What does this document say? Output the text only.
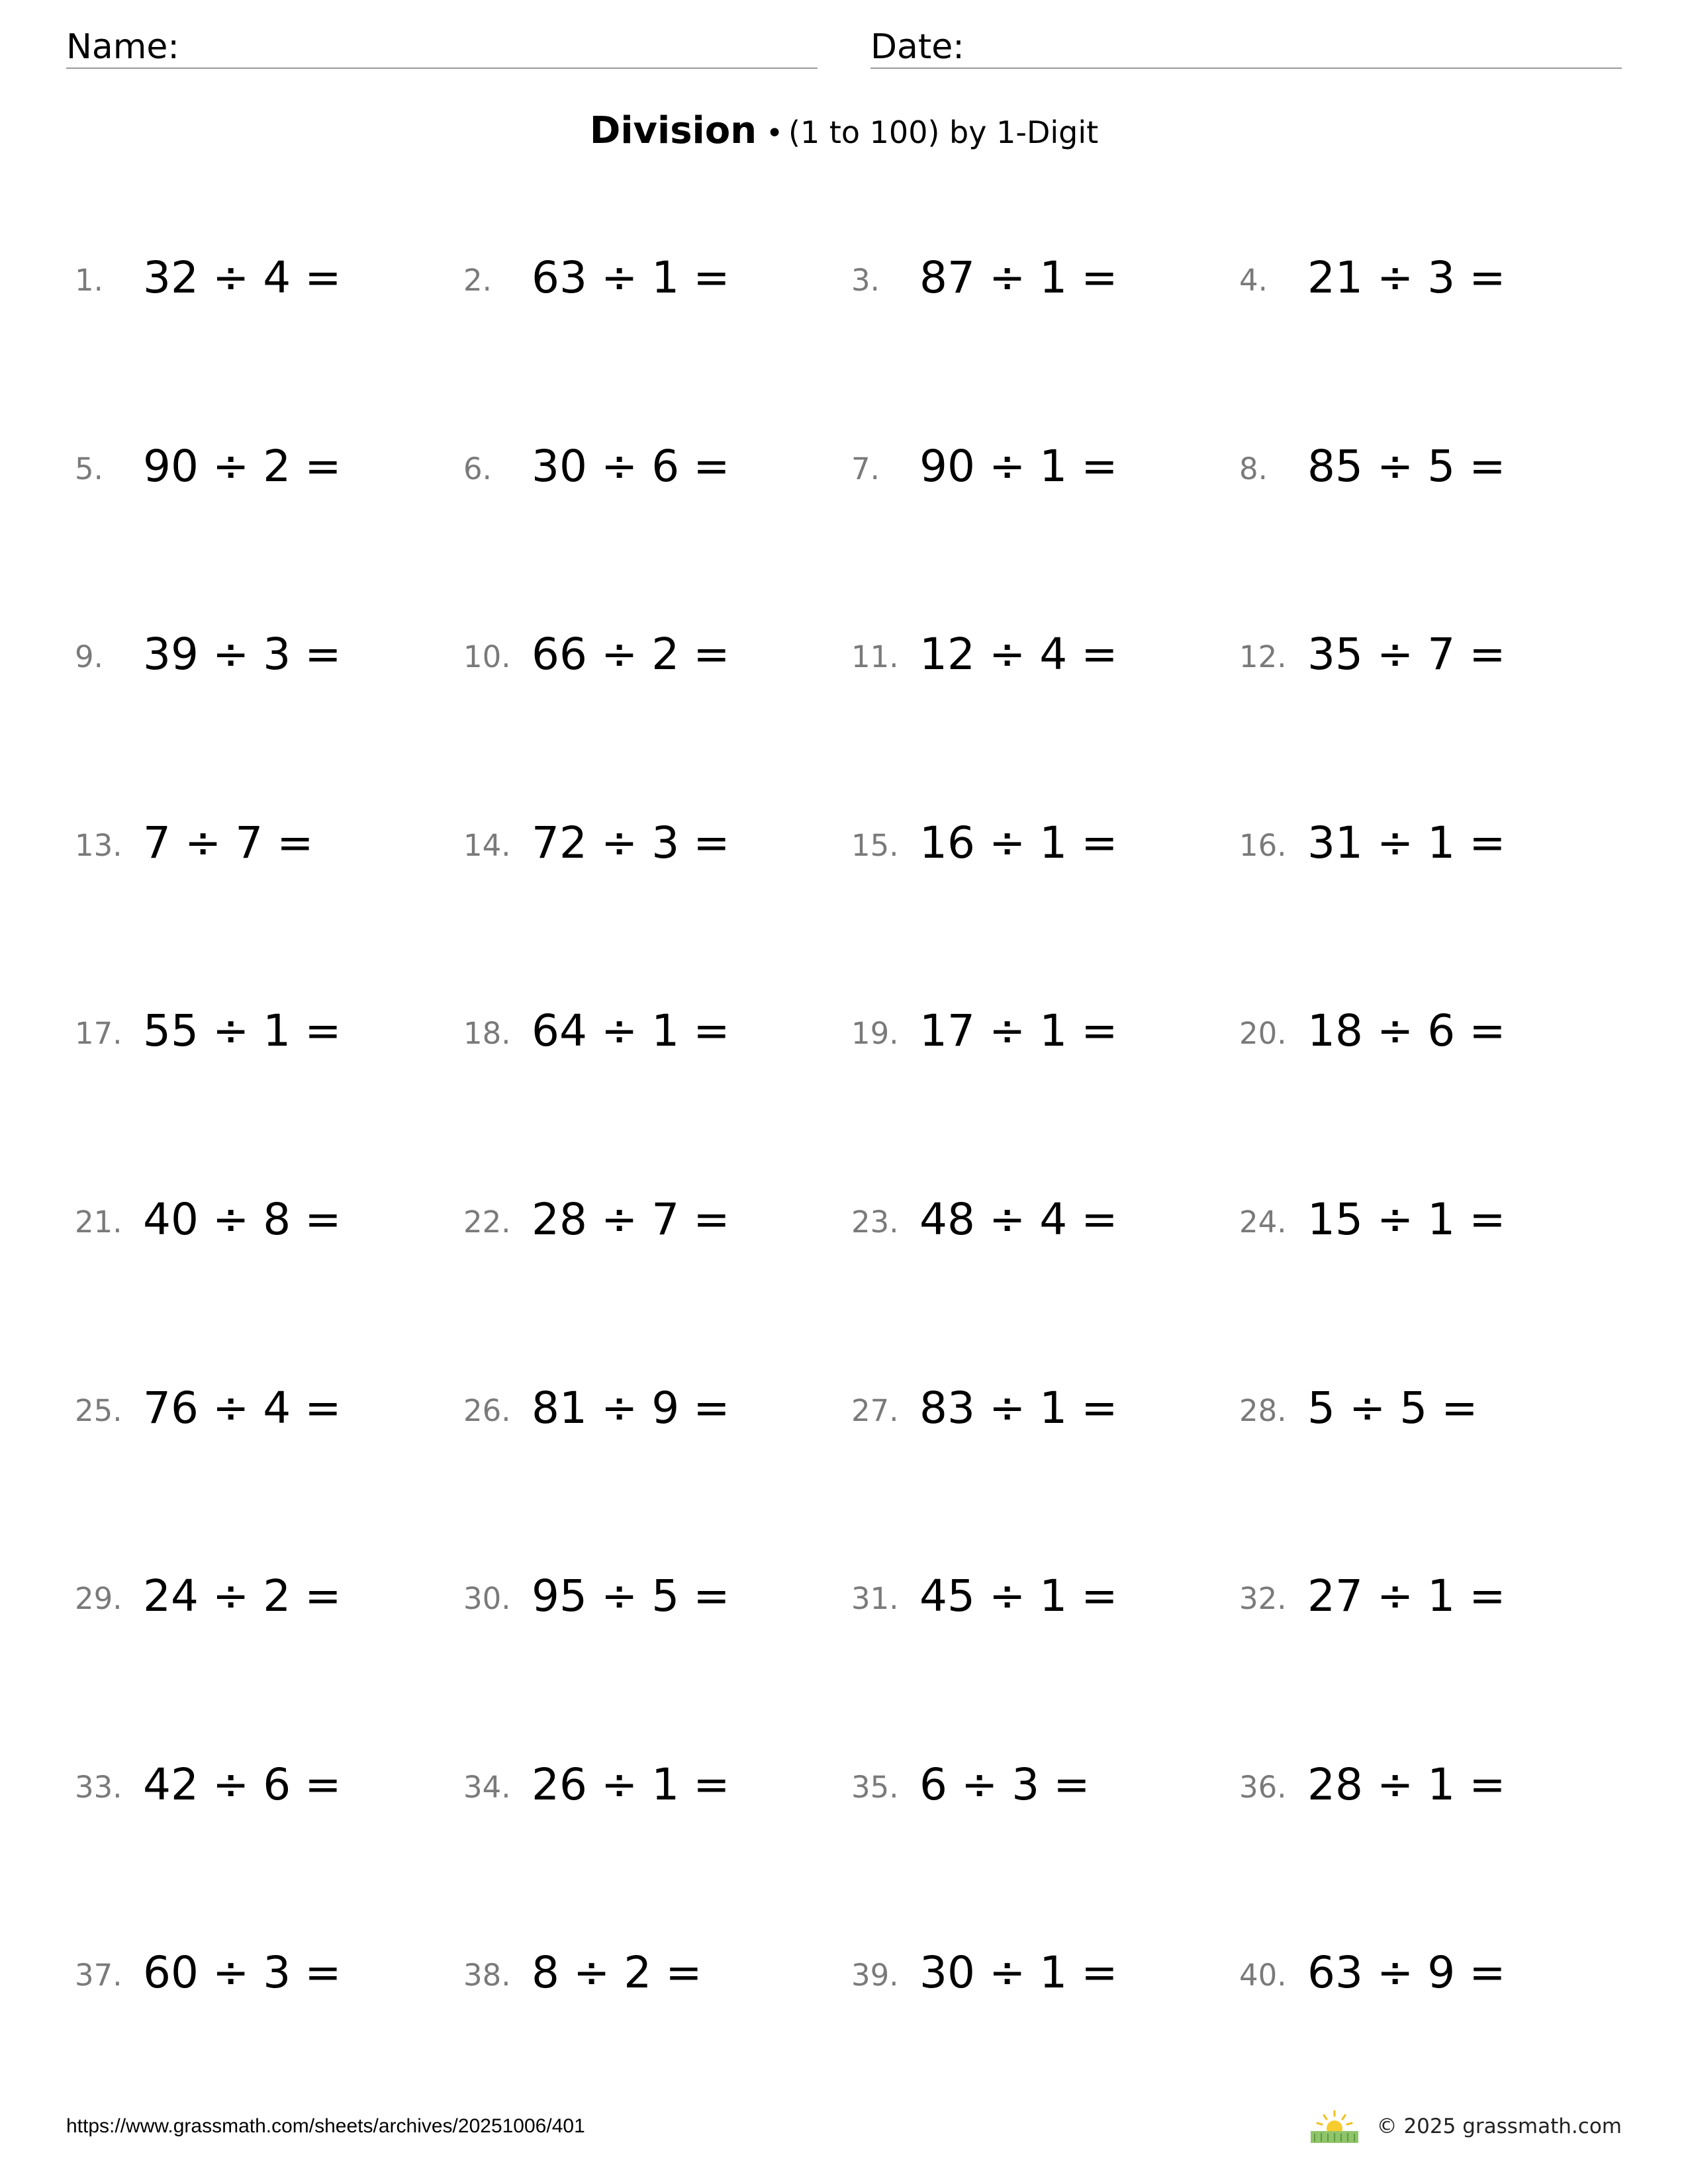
Name:	Date:
Division • (1 to 100) by 1-Digit
1. 32 ÷ 4 =	2. 63 ÷ 1 =	3. 87 ÷ 1 =	4. 21 ÷ 3 =
5. 90 ÷ 2 =	6. 30 ÷ 6 =	7. 90 ÷ 1 =	8. 85 ÷ 5 =
9. 39 ÷ 3 =	10. 66 ÷ 2 =	11. 12 ÷ 4 =	12. 35 ÷ 7 =
13. 7 ÷ 7 =	14. 72 ÷ 3 =	15. 16 ÷ 1 =	16. 31 ÷ 1 =
17. 55 ÷ 1 =	18. 64 ÷ 1 =	19. 17 ÷ 1 =	20. 18 ÷ 6 =
21. 40 ÷ 8 =	22. 28 ÷ 7 =	23. 48 ÷ 4 =	24. 15 ÷ 1 =
25. 76 ÷ 4 =	26. 81 ÷ 9 =	27. 83 ÷ 1 =	28. 5 ÷ 5 =
29. 24 ÷ 2 =	30. 95 ÷ 5 =	31. 45 ÷ 1 =	32. 27 ÷ 1 =
33. 42 ÷ 6 =	34. 26 ÷ 1 =	35. 6 ÷ 3 =	36. 28 ÷ 1 =
37. 60 ÷ 3 =	38. 8 ÷ 2 =	39. 30 ÷ 1 =	40. 63 ÷ 9 =
https://www.grassmath.com/sheets/archives/20251006/401	© 2025 grassmath.com
